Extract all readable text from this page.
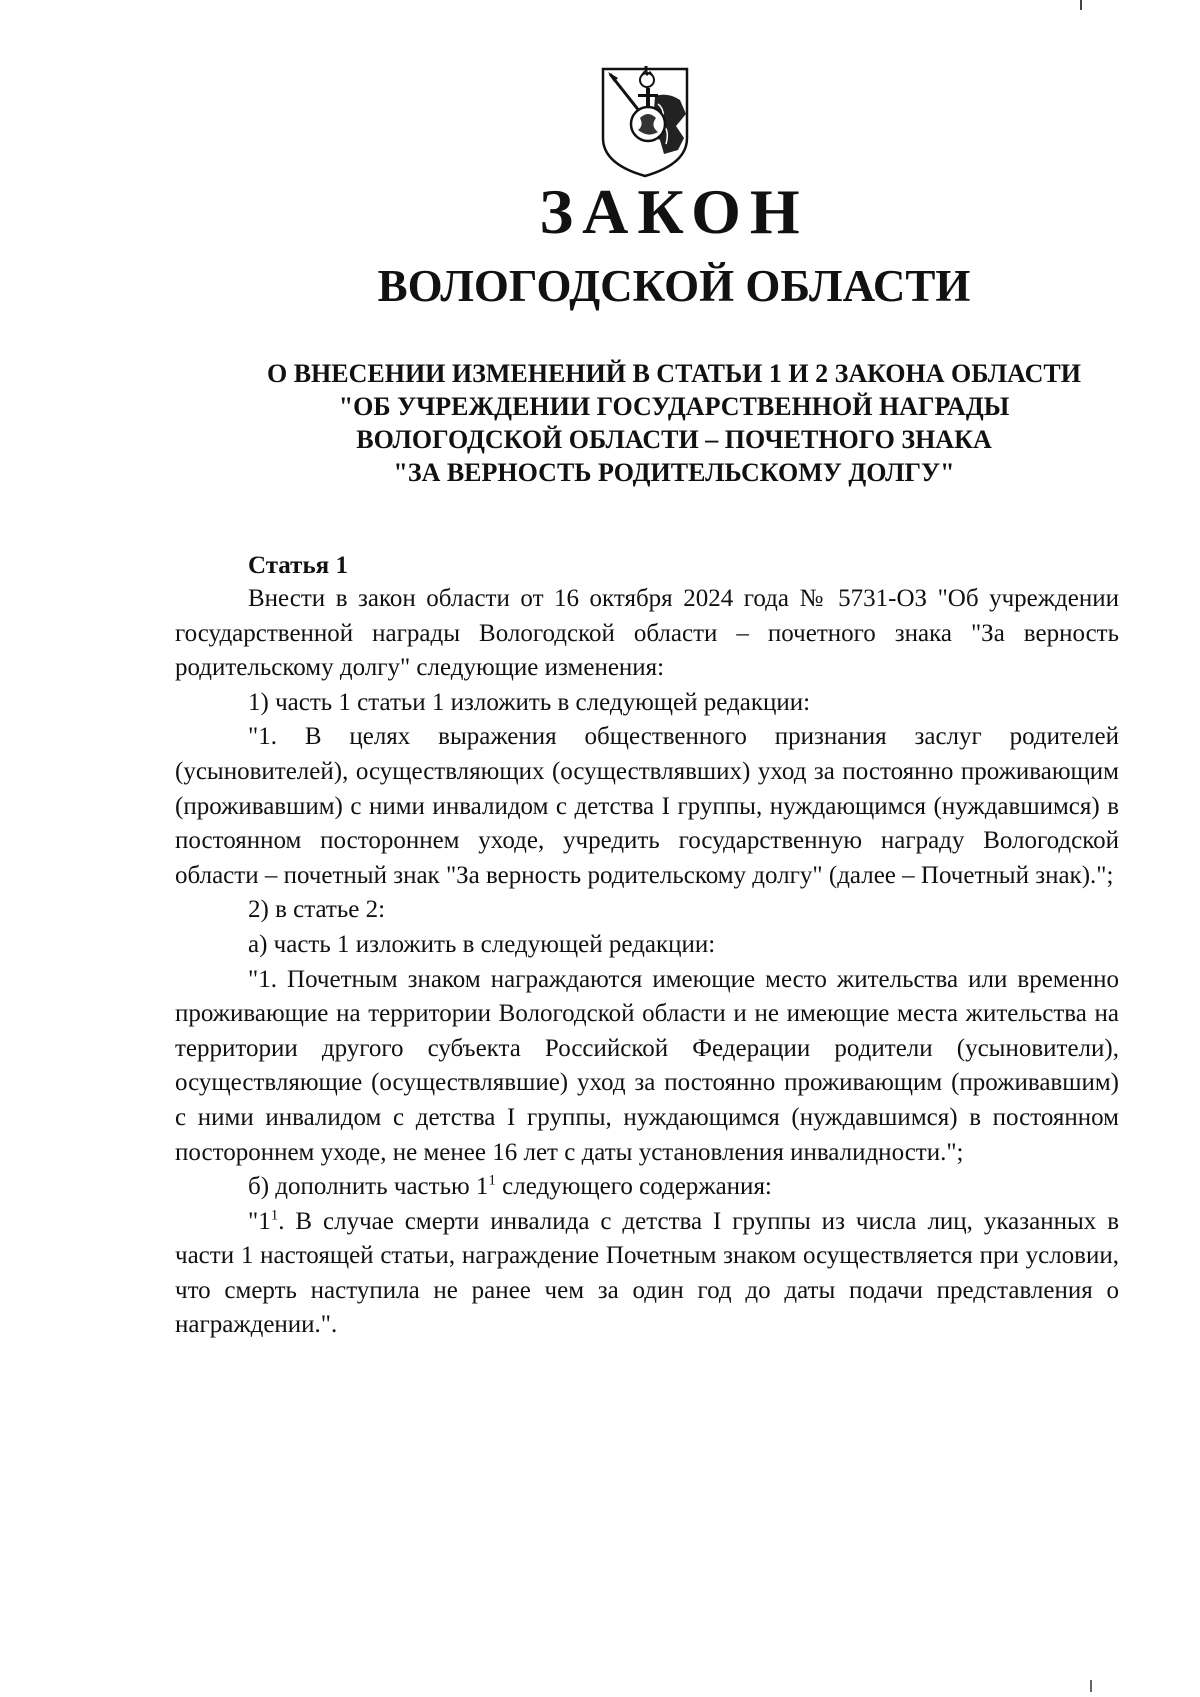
ЗАКОН
ВОЛОГОДСКОЙ ОБЛАСТИ
О ВНЕСЕНИИ ИЗМЕНЕНИЙ В СТАТЬИ 1 И 2 ЗАКОНА ОБЛАСТИ
"ОБ УЧРЕЖДЕНИИ ГОСУДАРСТВЕННОЙ НАГРАДЫ
ВОЛОГОДСКОЙ ОБЛАСТИ – ПОЧЕТНОГО ЗНАКА
"ЗА ВЕРНОСТЬ РОДИТЕЛЬСКОМУ ДОЛГУ"
Статья 1

Внести в закон области от 16 октября 2024 года № 5731-ОЗ "Об учреждении государственной награды Вологодской области – почетного знака "За верность родительскому долгу" следующие изменения:

1) часть 1 статьи 1 изложить в следующей редакции:

"1. В целях выражения общественного признания заслуг родителей (усыновителей), осуществляющих (осуществлявших) уход за постоянно проживающим (проживавшим) с ними инвалидом с детства I группы, нуждающимся (нуждавшимся) в постоянном постороннем уходе, учредить государственную награду Вологодской области – почетный знак "За верность родительскому долгу" (далее – Почетный знак).";

2) в статье 2:

а) часть 1 изложить в следующей редакции:

"1. Почетным знаком награждаются имеющие место жительства или временно проживающие на территории Вологодской области и не имеющие места жительства на территории другого субъекта Российской Федерации родители (усыновители), осуществляющие (осуществлявшие) уход за постоянно проживающим (проживавшим) с ними инвалидом с детства I группы, нуждающимся (нуждавшимся) в постоянном постороннем уходе, не менее 16 лет с даты установления инвалидности.";

б) дополнить частью $1^1$ следующего содержания:

"$1^1$. В случае смерти инвалида с детства I группы из числа лиц, указанных в части 1 настоящей статьи, награждение Почетным знаком осуществляется при условии, что смерть наступила не ранее чем за один год до даты подачи представления о награждении.".
